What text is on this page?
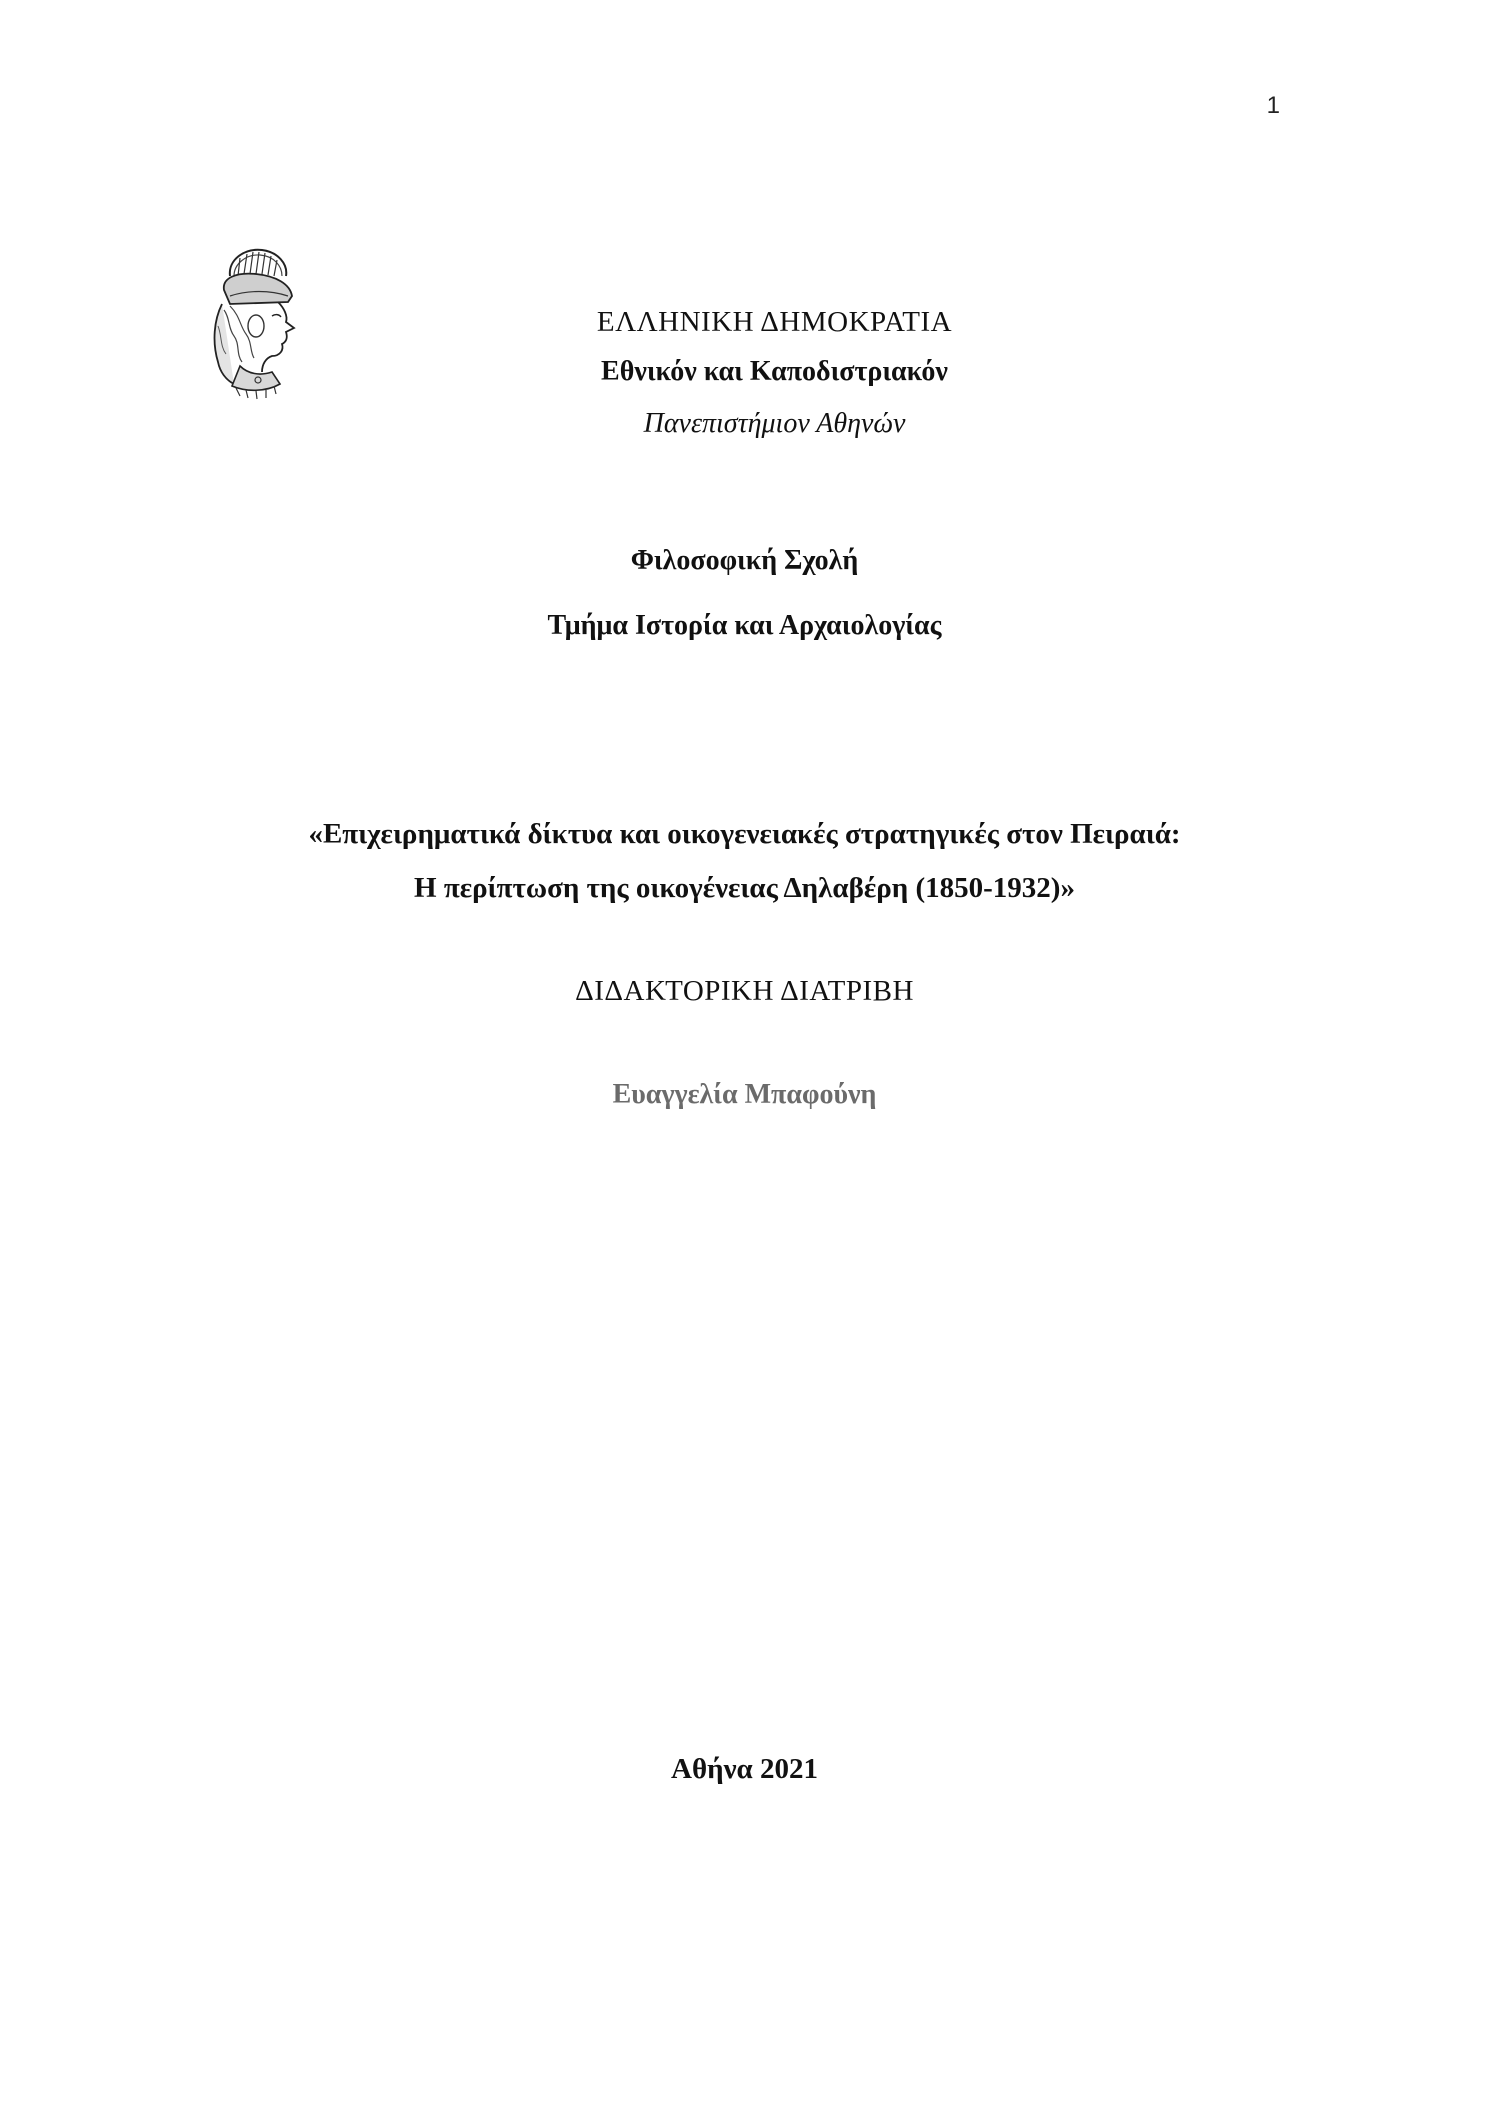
1
ΕΛΛΗΝΙΚΗ ΔΗΜΟΚΡΑΤΙΑ
Εθνικόν και Καποδιστριακόν
Πανεπιστήμιον Αθηνών
Φιλοσοφική Σχολή
Τμήμα Ιστορία και Αρχαιολογίας
«Επιχειρηματικά δίκτυα και οικογενειακές στρατηγικές στον Πειραιά:
Η περίπτωση της οικογένειας Δηλαβέρη (1850-1932)»
ΔΙΔΑΚΤΟΡΙΚΗ ΔΙΑΤΡΙΒΗ
Ευαγγελία Μπαφούνη
Αθήνα 2021
